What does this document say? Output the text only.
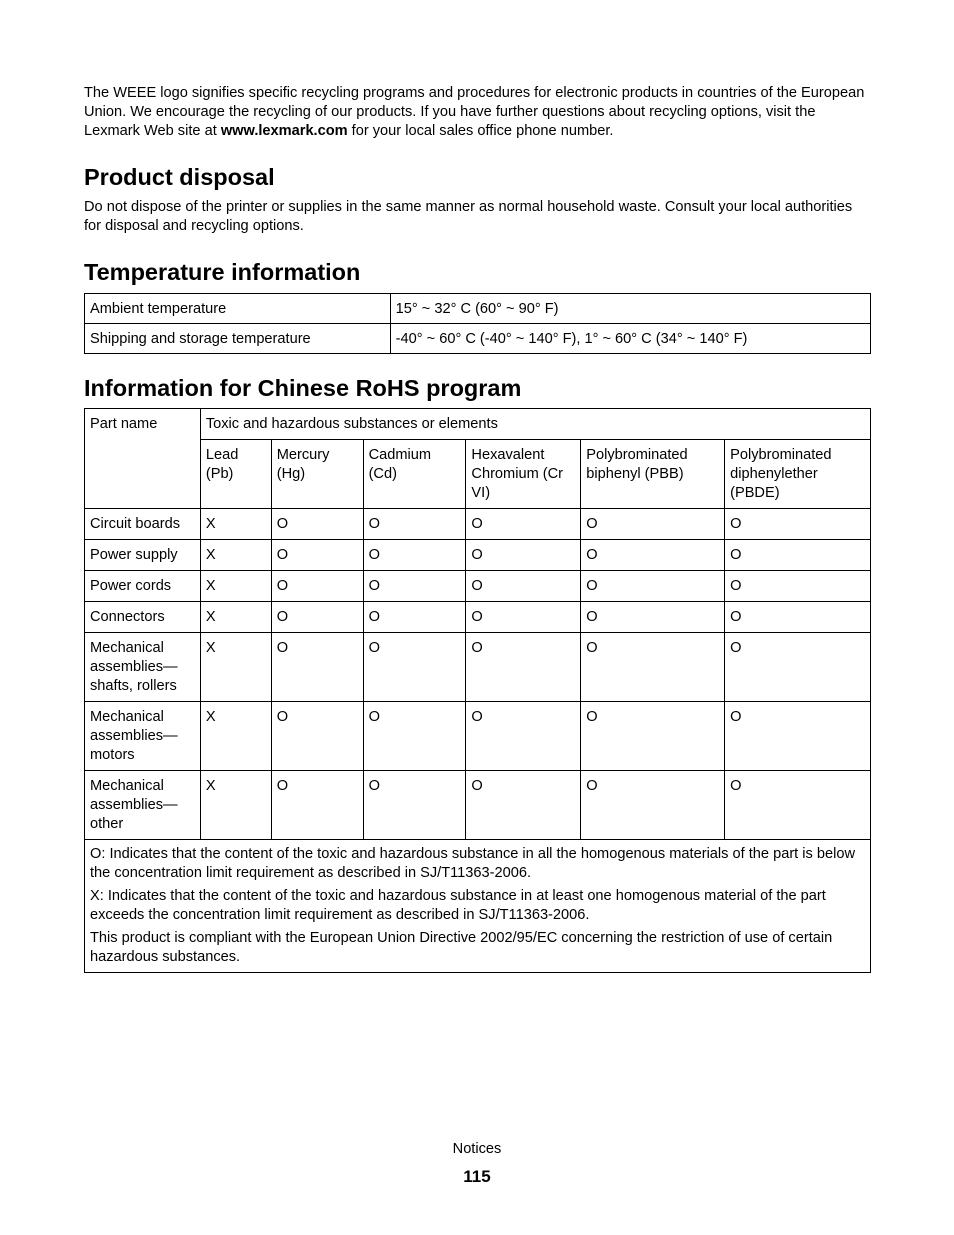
The WEEE logo signifies specific recycling programs and procedures for electronic products in countries of the European Union. We encourage the recycling of our products. If you have further questions about recycling options, visit the Lexmark Web site at www.lexmark.com for your local sales office phone number.

Product disposal

Do not dispose of the printer or supplies in the same manner as normal household waste. Consult your local authorities for disposal and recycling options.

Temperature information
Ambient temperature	15° ~ 32° C (60° ~ 90° F)
Shipping and storage temperature	-40° ~ 60° C (-40° ~ 140° F), 1° ~ 60° C (34° ~ 140° F)
Information for Chinese RoHS program
Part name	Toxic and hazardous substances or elements					
	Lead (Pb)	Mercury (Hg)	Cadmium (Cd)	Hexavalent Chromium (Cr VI)	Polybrominated biphenyl (PBB)	Polybrominated diphenylether (PBDE)
Circuit boards	X	O	O	O	O	O
Power supply	X	O	O	O	O	O
Power cords	X	O	O	O	O	O
Connectors	X	O	O	O	O	O
Mechanical assemblies—shafts, rollers	X	O	O	O	O	O
Mechanical assemblies—motors	X	O	O	O	O	O
Mechanical assemblies—other	X	O	O	O	O	O

O: Indicates that the content of the toxic and hazardous substance in all the homogenous materials of the part is below the concentration limit requirement as described in SJ/T11363-2006.

X: Indicates that the content of the toxic and hazardous substance in at least one homogenous material of the part exceeds the concentration limit requirement as described in SJ/T11363-2006.

This product is compliant with the European Union Directive 2002/95/EC concerning the restriction of use of certain hazardous substances.						

Notices
115
